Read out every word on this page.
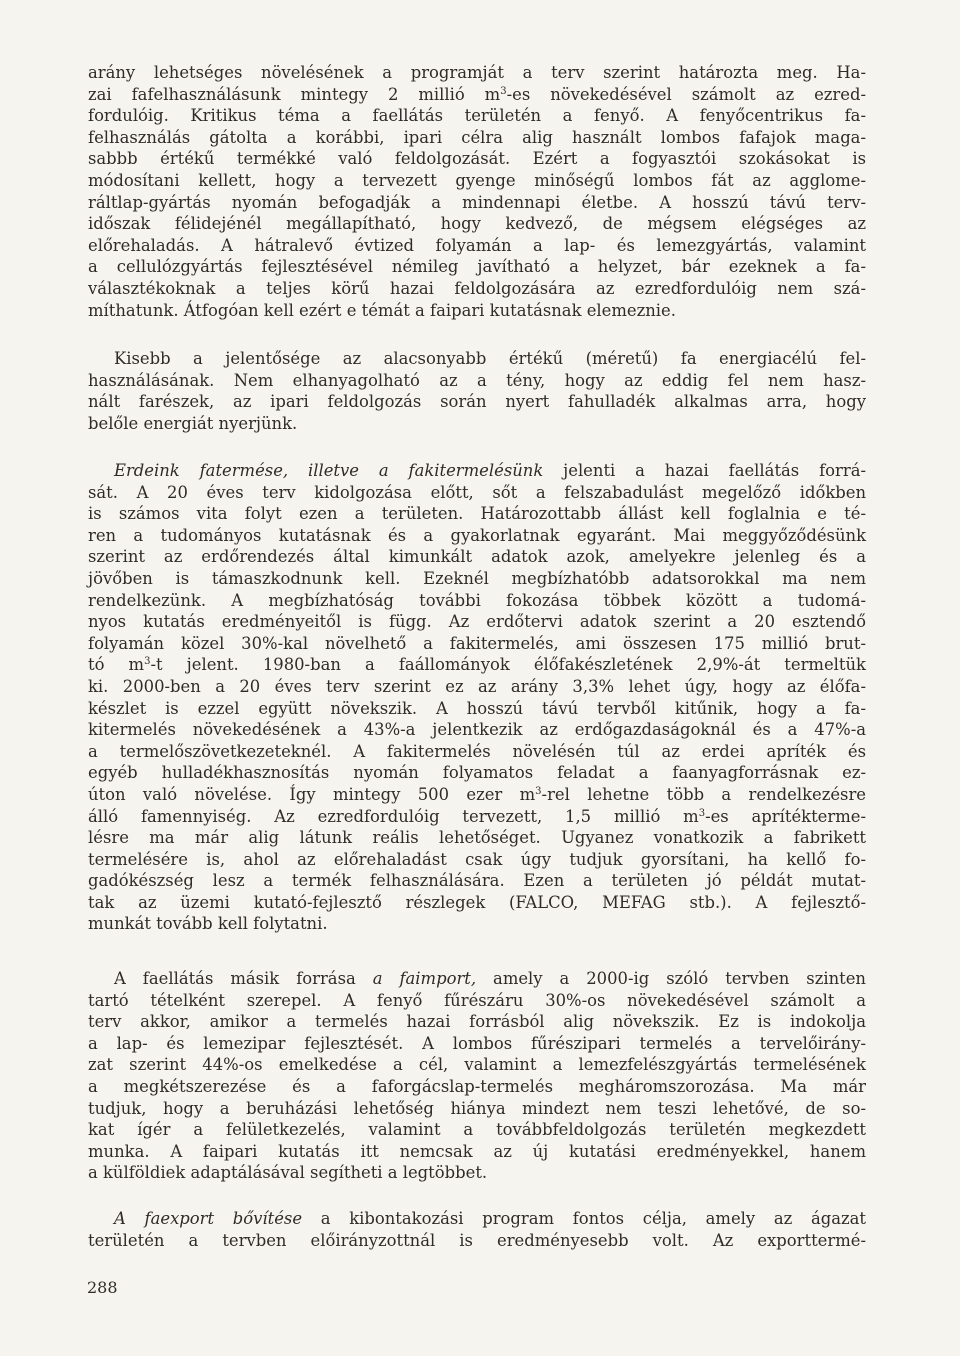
arány lehetséges növelésének a programját a terv szerint határozta meg. Ha-
zai fafelhasználásunk mintegy 2 millió $m^3-es$ növekedésével számolt az ezred-
fordulóig. Kritikus téma a faellátás területén a fenyő. A fenyőcentrikus fa-
felhasználás gátolta a korábbi, ipari célra alig használt lombos fafajok maga-
sabbb értékű termékké való feldolgozását. Ezért a fogyasztói szokásokat is
módosítani kellett, hogy a tervezett gyenge minőségű lombos fát az agglome-
ráltlap-gyártás nyomán befogadják a mindennapi életbe. A hosszú távú terv-
időszak félidejénél megállapítható, hogy kedvező, de mégsem elégséges az
előrehaladás. A hátralevő évtized folyamán a lap- és lemezgyártás, valamint
a cellulózgyártás fejlesztésével némileg javítható a helyzet, bár ezeknek a fa-
választékoknak a teljes körű hazai feldolgozására az ezredfordulóig nem szá-
míthatunk. Átfogóan kell ezért e témát a faipari kutatásnak elemeznie.
Kisebb a jelentősége az alacsonyabb értékű (méretű) fa energiacélú fel-
használásának. Nem elhanyagolható az a tény, hogy az eddig fel nem hasz-
nált farészek, az ipari feldolgozás során nyert fahulladék alkalmas arra, hogy
belőle energiát nyerjünk.
Erdeink fatermése, illetve a fakitermelésünk jelenti a hazai faellátás forrá-
sát. A 20 éves terv kidolgozása előtt, sőt a felszabadulást megelőző időkben
is számos vita folyt ezen a területen. Határozottabb állást kell foglalnia e té-
ren a tudományos kutatásnak és a gyakorlatnak egyaránt. Mai meggyőződésünk
szerint az erdőrendezés által kimunkált adatok azok, amelyekre jelenleg és a
jövőben is támaszkodnunk kell. Ezeknél megbízhatóbb adatsorokkal ma nem
rendelkezünk. A megbízhatóság további fokozása többek között a tudomá-
nyos kutatás eredményeitől is függ. Az erdőtervi adatok szerint a 20 esztendő
folyamán közel 30%-kal növelhető a fakitermelés, ami összesen 175 millió brut-
tó $m^3-t$ jelent. 1980-ban a faállományok élőfakészletének 2,9%-át termeltük
ki. 2000-ben a 20 éves terv szerint ez az arány 3,3% lehet úgy, hogy az élőfa-
készlet is ezzel együtt növekszik. A hosszú távú tervből kitűnik, hogy a fa-
kitermelés növekedésének a 43%-a jelentkezik az erdőgazdaságoknál és a 47%-a
a termelőszövetkezeteknél. A fakitermelés növelésén túl az erdei apríték és
egyéb hulladékhasznosítás nyomán folyamatos feladat a faanyagforrásnak ez-
úton való növelése. Így mintegy 500 ezer $m^3$-rel lehetne több a rendelkezésre
álló famennyiség. Az ezredfordulóig tervezett, 1,5 millió $m^3-es$ aprítékterme-
lésre ma már alig látunk reális lehetőséget. Ugyanez vonatkozik a fabrikett
termelésére is, ahol az előrehaladást csak úgy tudjuk gyorsítani, ha kellő fo-
gadókészség lesz a termék felhasználására. Ezen a területen jó példát mutat-
tak az üzemi kutató-fejlesztő részlegek (FALCO, MEFAG stb.). A fejlesztő-
munkát tovább kell folytatni.
A faellátás másik forrása a faimport, amely a 2000-ig szóló tervben szinten
tartó tételként szerepel. A fenyő fűrészáru 30%-os növekedésével számolt a
terv akkor, amikor a termelés hazai forrásból alig növekszik. Ez is indokolja
a lap- és lemezipar fejlesztését. A lombos fűrészipari termelés a tervelőirány-
zat szerint 44%-os emelkedése a cél, valamint a lemezfelészgyártás termelésének
a megkétszerezése és a faforgácslap-termelés megháromszorozása. Ma már
tudjuk, hogy a beruházási lehetőség hiánya mindezt nem teszi lehetővé, de so-
kat ígér a felületkezelés, valamint a továbbfeldolgozás területén megkezdett
munka. A faipari kutatás itt nemcsak az új kutatási eredményekkel, hanem
a külföldiek adaptálásával segítheti a legtöbbet.
A faexport bővítése a kibontakozási program fontos célja, amely az ágazat
területén a tervben előirányzottnál is eredményesebb volt. Az exporttermé-
288
